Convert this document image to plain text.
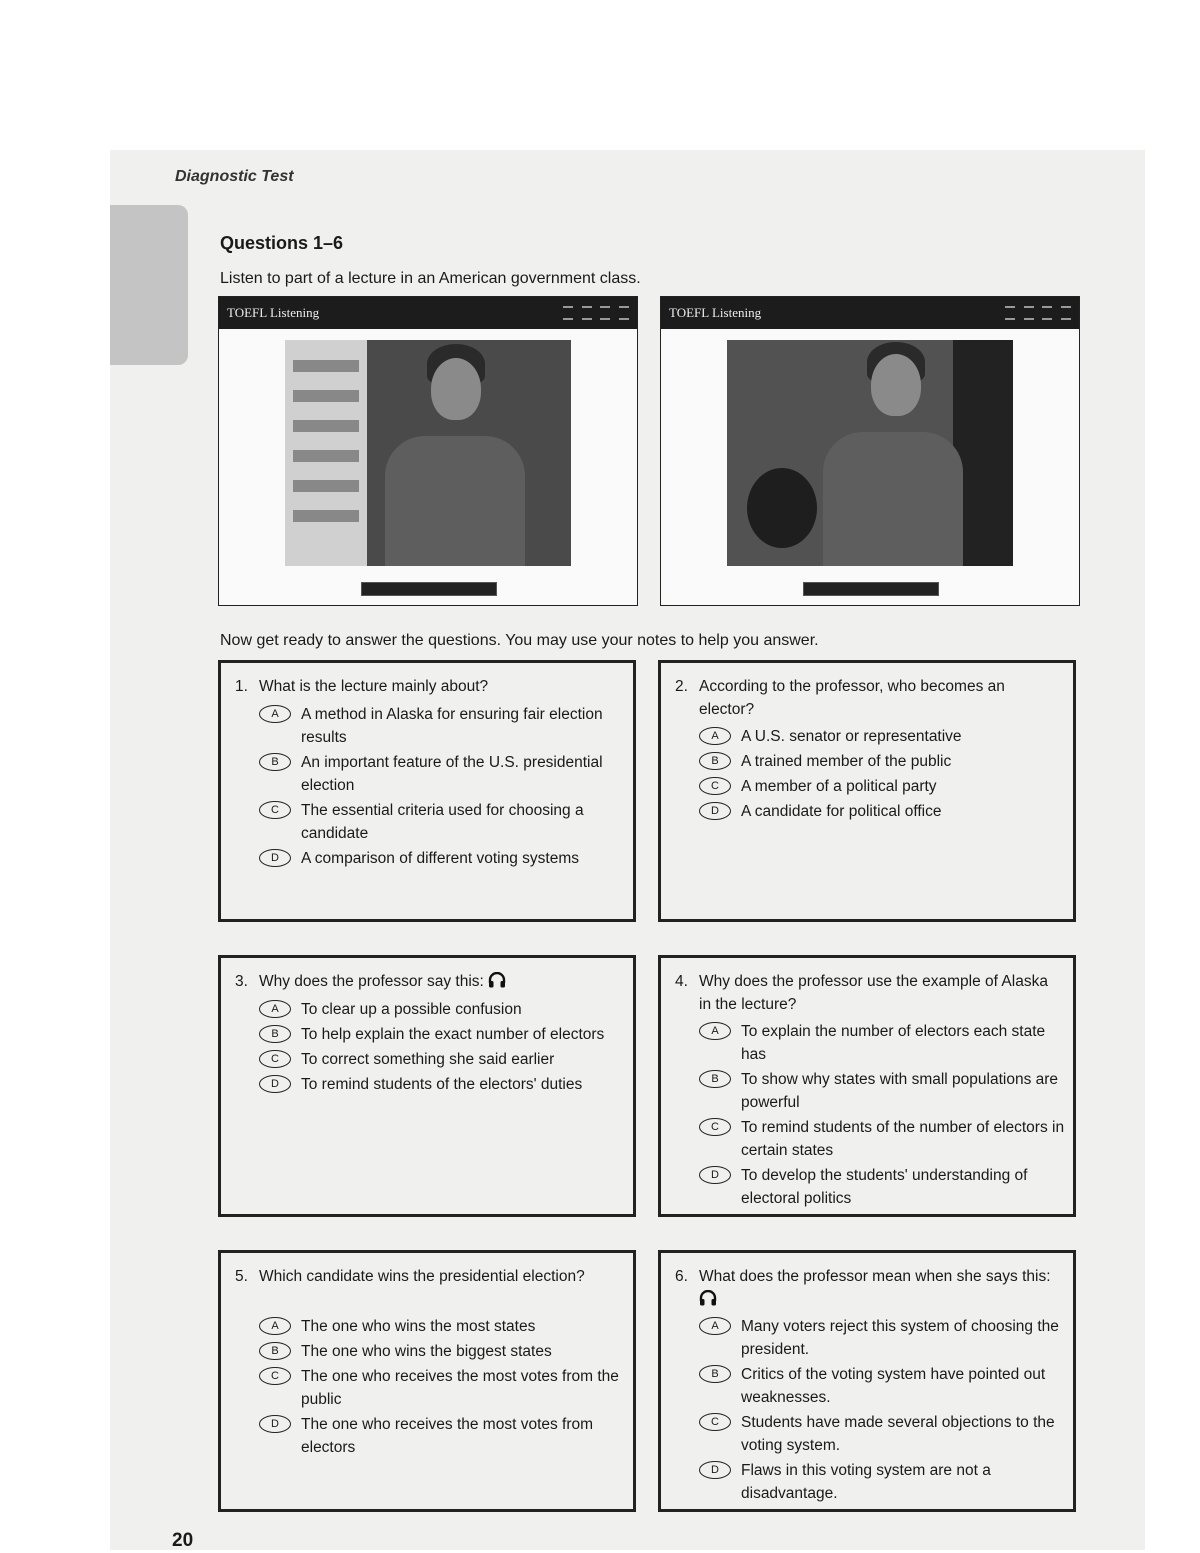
Diagnostic Test
Questions 1–6
Listen to part of a lecture in an American government class.
TOEFL Listening	TOEFL Listening
Now get ready to answer the questions. You may use your notes to help you answer.
1. What is the lecture mainly about?
A	A method in Alaska for ensuring fair election results
B	An important feature of the U.S. presidential election
C	The essential criteria used for choosing a candidate
D	A comparison of different voting systems
2. According to the professor, who becomes an elector?
A	A U.S. senator or representative
B	A trained member of the public
C	A member of a political party
D	A candidate for political office
3. Why does the professor say this:
A	To clear up a possible confusion
B	To help explain the exact number of electors
C	To correct something she said earlier
D	To remind students of the electors' duties
4. Why does the professor use the example of Alaska in the lecture?
A	To explain the number of electors each state has
B	To show why states with small populations are powerful
C	To remind students of the number of electors in certain states
D	To develop the students' understanding of electoral politics
5. Which candidate wins the presidential election?
A	The one who wins the most states
B	The one who wins the biggest states
C	The one who receives the most votes from the public
D	The one who receives the most votes from electors
6. What does the professor mean when she says this:
A	Many voters reject this system of choosing the president.
B	Critics of the voting system have pointed out weaknesses.
C	Students have made several objections to the voting system.
D	Flaws in this voting system are not a disadvantage.
20
